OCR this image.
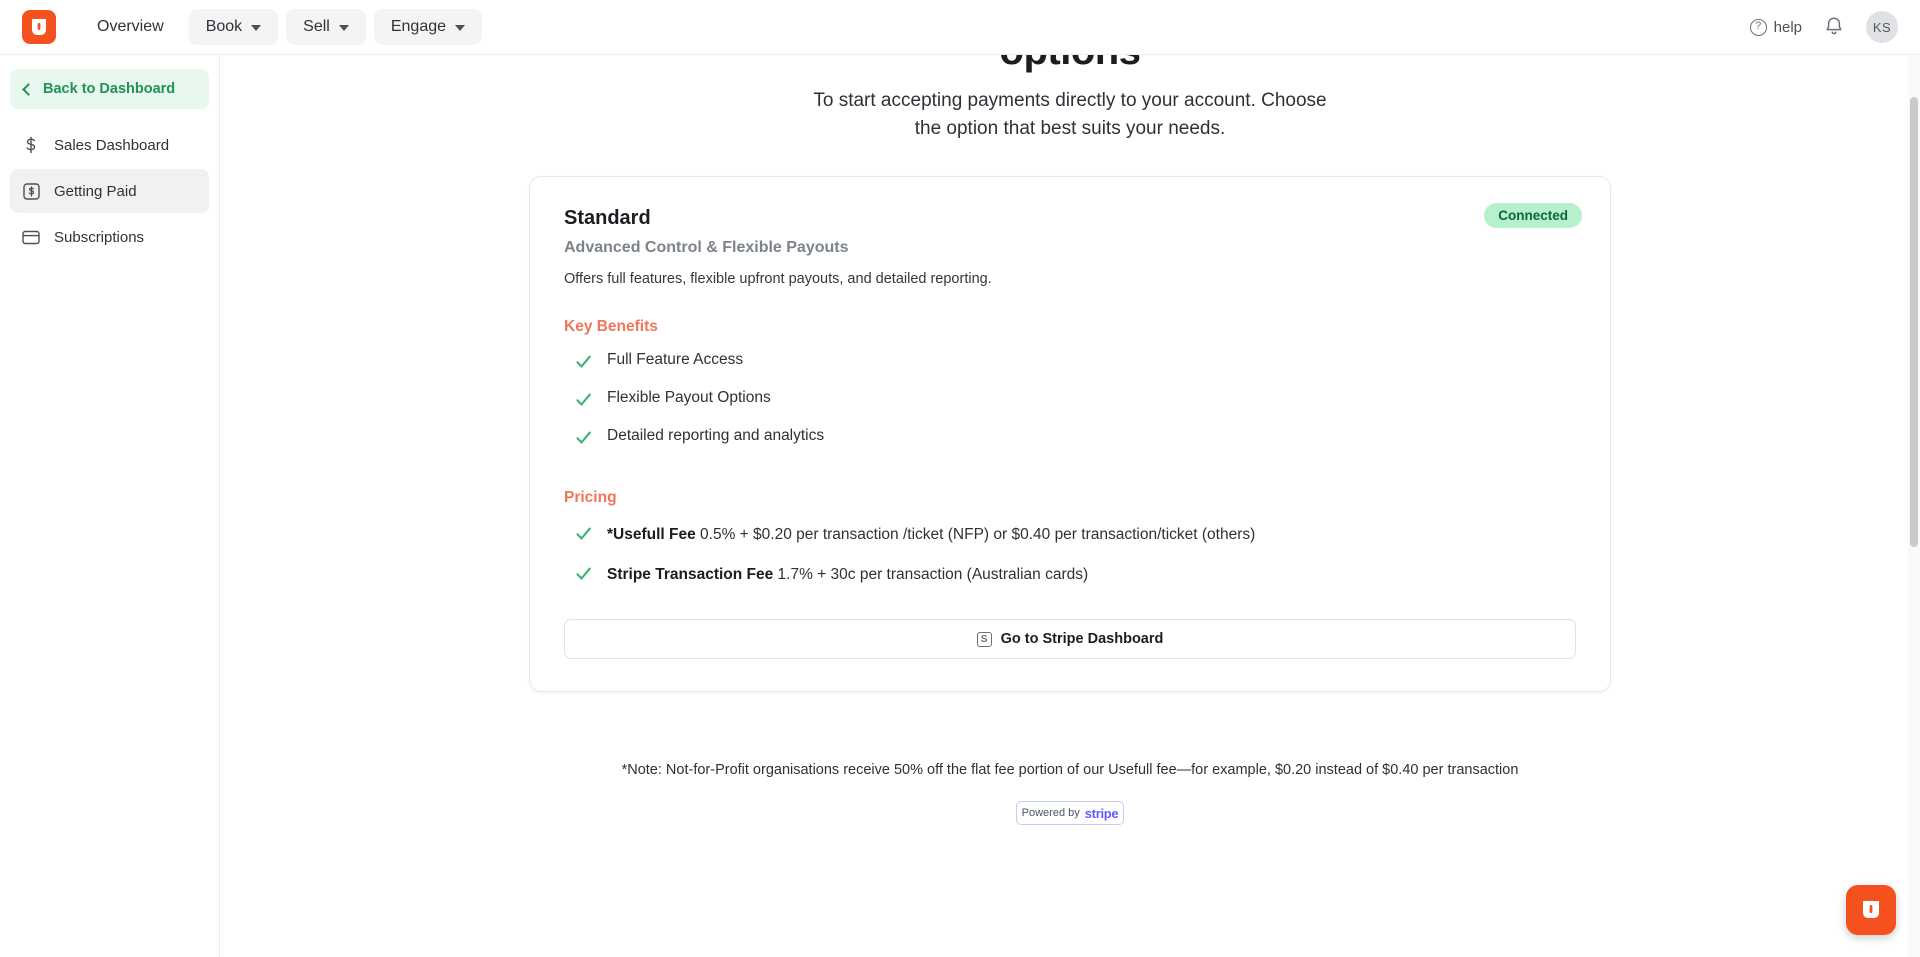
Overview	Book	Sell	Engage ?	help	KS
Back to Dashboard
Sales Dashboard
Getting Paid
Subscriptions
To start accepting payments directly to your account. Choose the option that best suits your needs.
Connected
Standard
Advanced Control & Flexible Payouts
Offers full features, flexible upfront payouts, and detailed reporting.
Key Benefits
Full Feature Access
Flexible Payout Options
Detailed reporting and analytics
Pricing
*Usefull Fee 0.5% + $0.20 per transaction /ticket (NFP) or $0.40 per transaction/ticket (others)
Stripe Transaction Fee 1.7% + 30c per transaction (Australian cards)
S Go to Stripe Dashboard
*Note: Not-for-Profit organisations receive 50% off the flat fee portion of our Usefull fee—for example, $0.20 instead of $0.40 per transaction
Powered by stripe
